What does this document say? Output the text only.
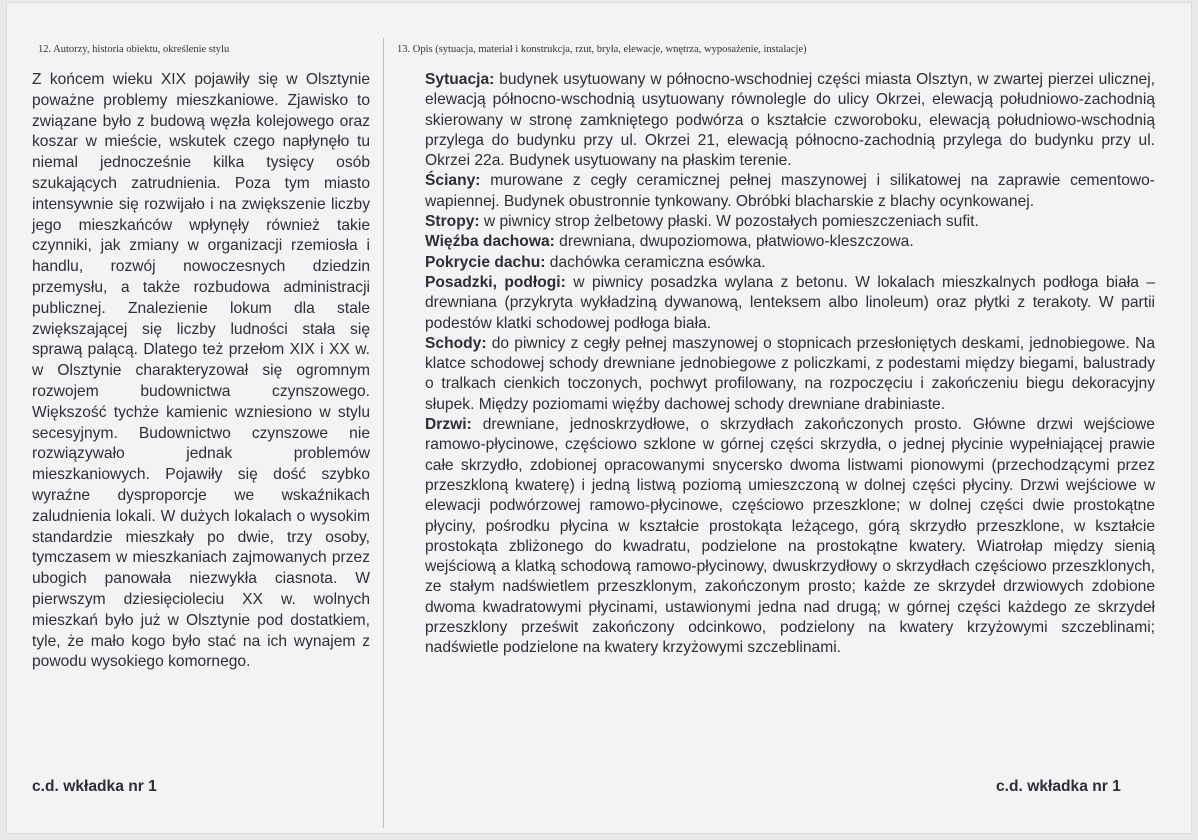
12. Autorzy, historia obiektu, określenie stylu	13. Opis (sytuacja, materiał i konstrukcja, rzut, bryła, elewacje, wnętrza, wyposażenie, instalacje)
Z końcem wieku XIX pojawiły się w Olsztynie poważne problemy mieszkaniowe. Zjawisko to związane było z budową węzła kolejowego oraz koszar w mieście, wskutek czego napłynęło tu niemal jednocześnie kilka tysięcy osób szukających zatrudnienia. Poza tym miasto intensywnie się rozwijało i na zwiększenie liczby jego mieszkańców wpłynęły również takie czynniki, jak zmiany w organizacji rzemiosła i handlu, rozwój nowoczesnych dziedzin przemysłu, a także rozbudowa administracji publicznej. Znalezienie lokum dla stale zwiększającej się liczby ludności stała się sprawą palącą. Dlatego też przełom XIX i XX w. w Olsztynie charakteryzował się ogromnym rozwojem budownictwa czynszowego. Większość tychże kamienic wzniesiono w stylu secesyjnym. Budownictwo czynszowe nie rozwiązywało jednak problemów mieszkaniowych. Pojawiły się dość szybko wyraźne dysproporcje we wskaźnikach zaludnienia lokali. W dużych lokalach o wysokim standardzie mieszkały po dwie, trzy osoby, tymczasem w mieszkaniach zajmowanych przez ubogich panowała niezwykła ciasnota. W pierwszym dziesięcioleciu XX w. wolnych mieszkań było już w Olsztynie pod dostatkiem, tyle, że mało kogo było stać na ich wynajem z powodu wysokiego komornego.

Sytuacja: budynek usytuowany w północno-wschodniej części miasta Olsztyn, w zwartej pierzei ulicznej, elewacją północno-wschodnią usytuowany równolegle do ulicy Okrzei, elewacją południowo-zachodnią skierowany w stronę zamkniętego podwórza o kształcie czworoboku, elewacją południowo-wschodnią przylega do budynku przy ul. Okrzei 21, elewacją północno-zachodnią przylega do budynku przy ul. Okrzei 22a. Budynek usytuowany na płaskim terenie.

Ściany: murowane z cegły ceramicznej pełnej maszynowej i silikatowej na zaprawie cementowo-wapiennej. Budynek obustronnie tynkowany. Obróbki blacharskie z blachy ocynkowanej.

Stropy: w piwnicy strop żelbetowy płaski. W pozostałych pomieszczeniach sufit.

Więźba dachowa: drewniana, dwupoziomowa, płatwiowo-kleszczowa.

Pokrycie dachu: dachówka ceramiczna esówka.

Posadzki, podłogi: w piwnicy posadzka wylana z betonu. W lokalach mieszkalnych podłoga biała – drewniana (przykryta wykładziną dywanową, lenteksem albo linoleum) oraz płytki z terakoty. W partii podestów klatki schodowej podłoga biała.

Schody: do piwnicy z cegły pełnej maszynowej o stopnicach przesłoniętych deskami, jednobiegowe. Na klatce schodowej schody drewniane jednobiegowe z policzkami, z podestami między biegami, balustrady o tralkach cienkich toczonych, pochwyt profilowany, na rozpoczęciu i zakończeniu biegu dekoracyjny słupek. Między poziomami więźby dachowej schody drewniane drabiniaste.

Drzwi: drewniane, jednoskrzydłowe, o skrzydłach zakończonych prosto. Główne drzwi wejściowe ramowo-płycinowe, częściowo szklone w górnej części skrzydła, o jednej płycinie wypełniającej prawie całe skrzydło, zdobionej opracowanymi snycersko dwoma listwami pionowymi (przechodzącymi przez przeszkloną kwaterę) i jedną listwą poziomą umieszczoną w dolnej części płyciny. Drzwi wejściowe w elewacji podwórzowej ramowo-płycinowe, częściowo przeszklone; w dolnej części dwie prostokątne płyciny, pośrodku płycina w kształcie prostokąta leżącego, górą skrzydło przeszklone, w kształcie prostokąta zbliżonego do kwadratu, podzielone na prostokątne kwatery. Wiatrołap między sienią wejściową a klatką schodową ramowo-płycinowy, dwuskrzydłowy o skrzydłach częściowo przeszklonych, ze stałym nadświetlem przeszklonym, zakończonym prosto; każde ze skrzydeł drzwiowych zdobione dwoma kwadratowymi płycinami, ustawionymi jedna nad drugą; w górnej części każdego ze skrzydeł przeszklony prześwit zakończony odcinkowo, podzielony na kwatery krzyżowymi szczeblinami; nadświetle podzielone na kwatery krzyżowymi szczeblinami.

c.d. wkładka nr 1	c.d. wkładka nr 1
